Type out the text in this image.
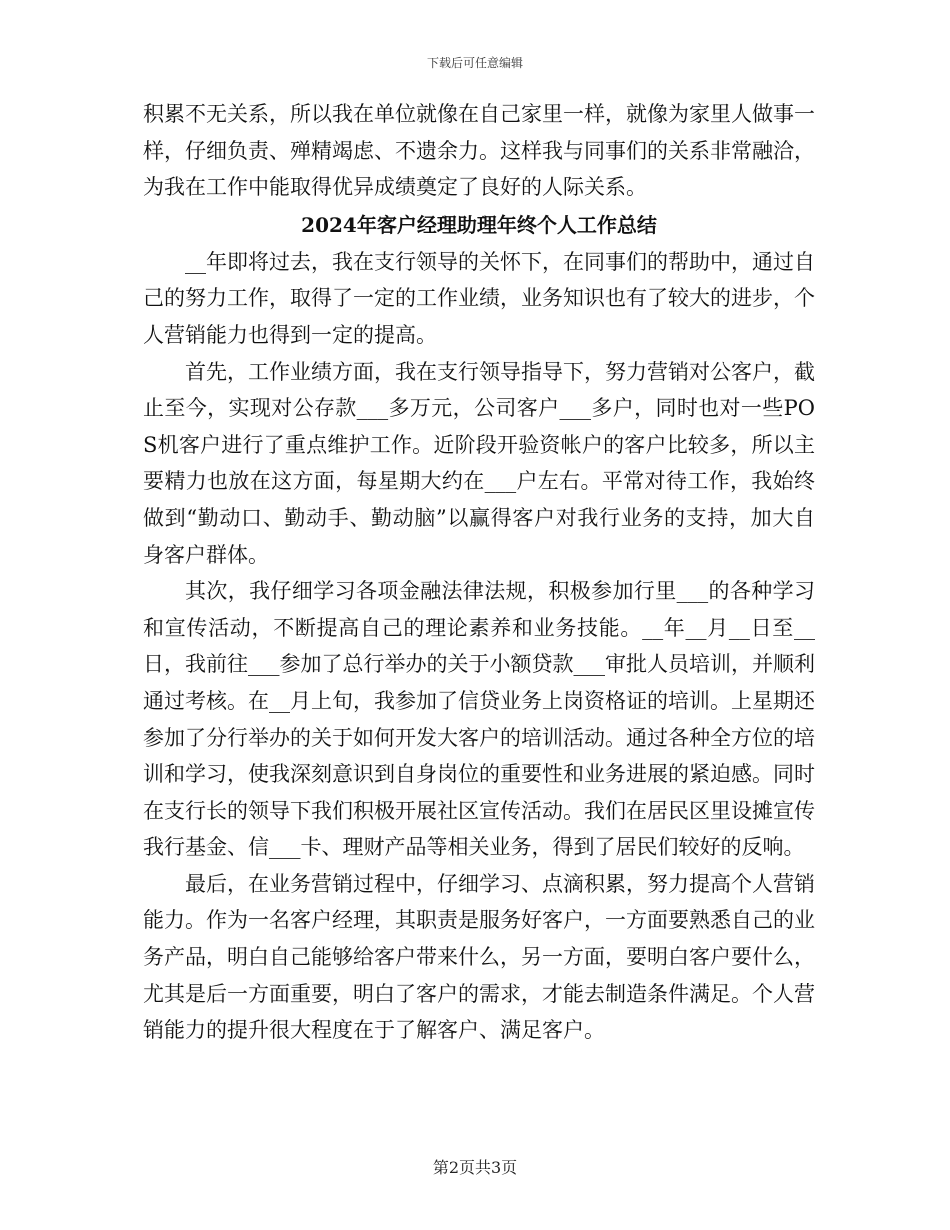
下载后可任意编辑

积累不无关系，所以我在单位就像在自己家里一样，就像为家里人做事一样，仔细负责、殚精竭虑、不遗余力。这样我与同事们的关系非常融洽，为我在工作中能取得优异成绩奠定了良好的人际关系。

2024年客户经理助理年终个人工作总结

__年即将过去，我在支行领导的关怀下，在同事们的帮助中，通过自己的努力工作，取得了一定的工作业绩，业务知识也有了较大的进步，个人营销能力也得到一定的提高。

首先，工作业绩方面，我在支行领导指导下，努力营销对公客户，截止至今，实现对公存款___多万元，公司客户___多户，同时也对一些POS机客户进行了重点维护工作。近阶段开验资帐户的客户比较多，所以主要精力也放在这方面，每星期大约在___户左右。平常对待工作，我始终做到“勤动口、勤动手、勤动脑”以赢得客户对我行业务的支持，加大自身客户群体。

其次，我仔细学习各项金融法律法规，积极参加行里___的各种学习和宣传活动，不断提高自己的理论素养和业务技能。__年__月__日至__日，我前往___参加了总行举办的关于小额贷款___审批人员培训，并顺利通过考核。在__月上旬，我参加了信贷业务上岗资格证的培训。上星期还参加了分行举办的关于如何开发大客户的培训活动。通过各种全方位的培训和学习，使我深刻意识到自身岗位的重要性和业务进展的紧迫感。同时在支行长的领导下我们积极开展社区宣传活动。我们在居民区里设摊宣传我行基金、信___卡、理财产品等相关业务，得到了居民们较好的反响。

最后，在业务营销过程中，仔细学习、点滴积累，努力提高个人营销能力。作为一名客户经理，其职责是服务好客户，一方面要熟悉自己的业务产品，明白自己能够给客户带来什么，另一方面，要明白客户要什么，尤其是后一方面重要，明白了客户的需求，才能去制造条件满足。个人营销能力的提升很大程度在于了解客户、满足客户。

第2页共3页
